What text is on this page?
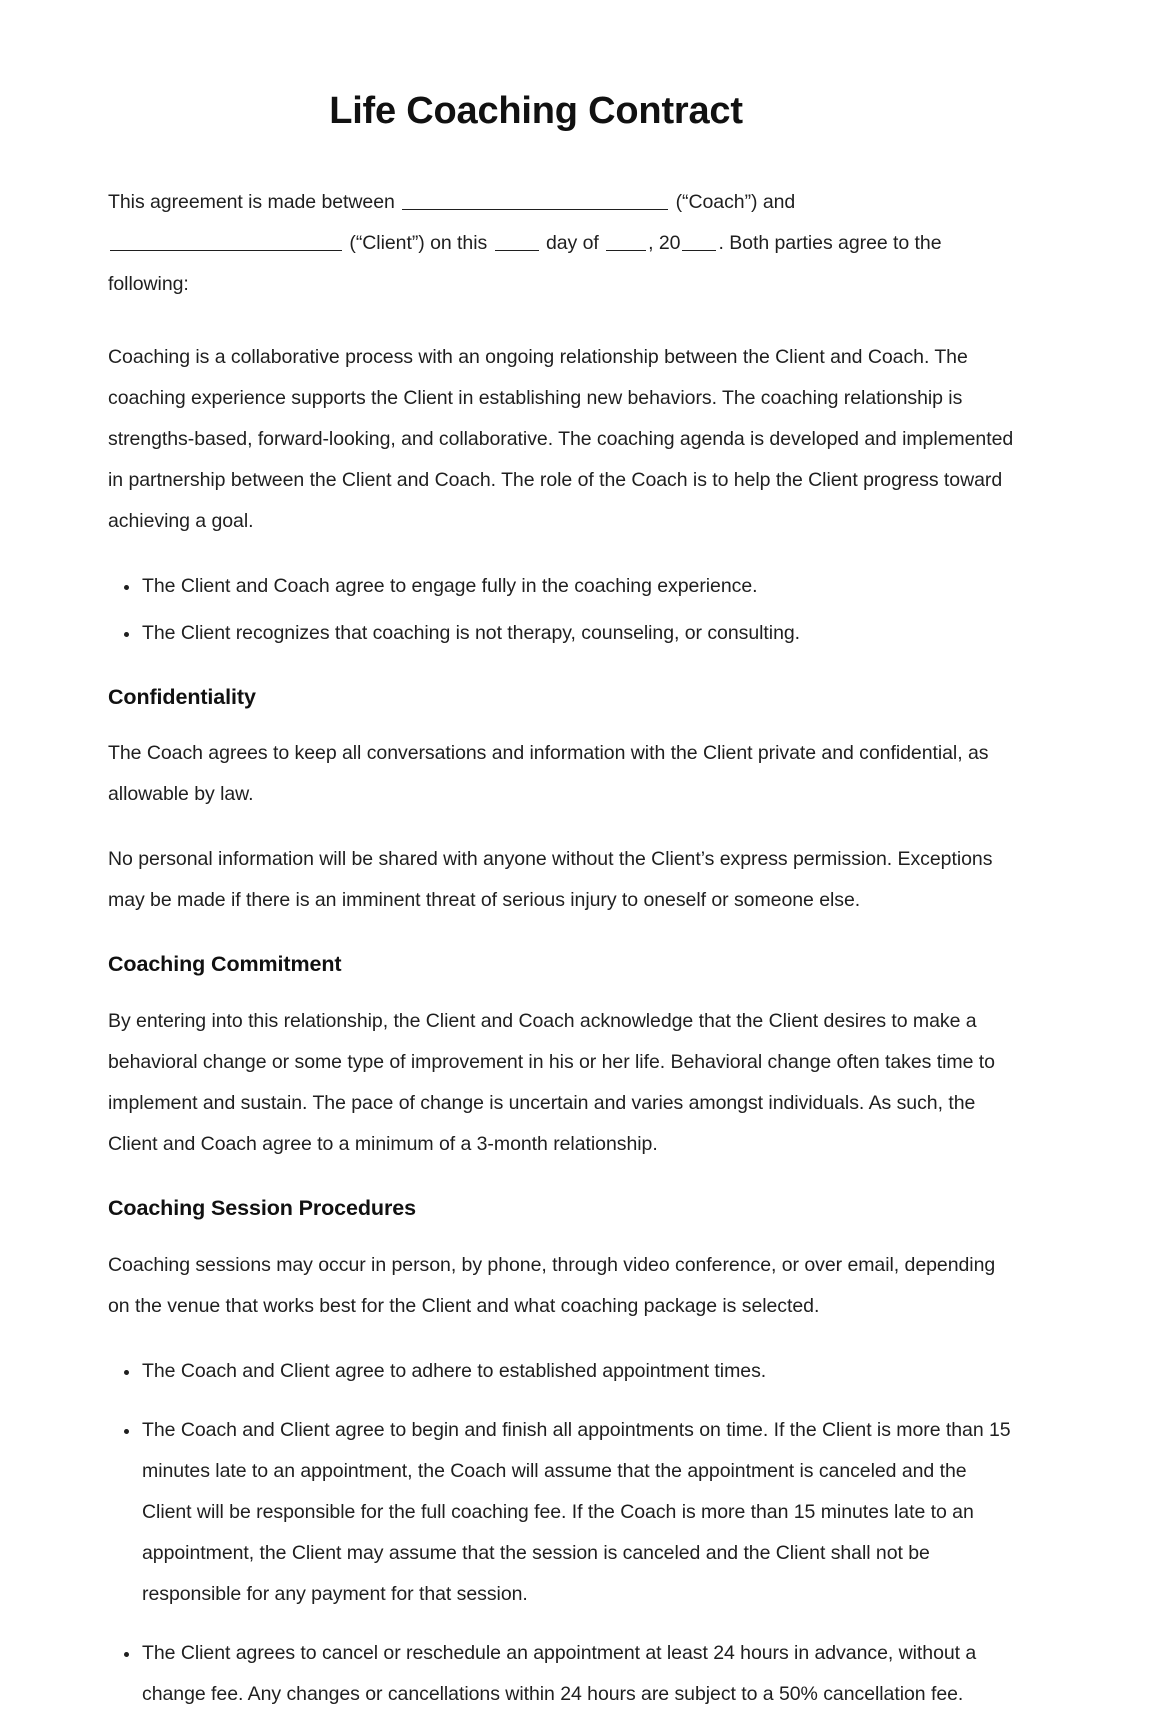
Life Coaching Contract

This agreement is made between	(“Coach”) and  (“Client”) on this	day of	, 20 . Both parties agree to the following:

Coaching is a collaborative process with an ongoing relationship between the Client and Coach. The coaching experience supports the Client in establishing new behaviors. The coaching relationship is strengths-based, forward-looking, and collaborative. The coaching agenda is developed and implemented in partnership between the Client and Coach. The role of the Coach is to help the Client progress toward achieving a goal.

The Client and Coach agree to engage fully in the coaching experience.
The Client recognizes that coaching is not therapy, counseling, or consulting.
Confidentiality

The Coach agrees to keep all conversations and information with the Client private and confidential, as allowable by law.

No personal information will be shared with anyone without the Client’s express permission. Exceptions may be made if there is an imminent threat of serious injury to oneself or someone else.

Coaching Commitment

By entering into this relationship, the Client and Coach acknowledge that the Client desires to make a behavioral change or some type of improvement in his or her life. Behavioral change often takes time to implement and sustain. The pace of change is uncertain and varies amongst individuals. As such, the Client and Coach agree to a minimum of a 3-month relationship.

Coaching Session Procedures

Coaching sessions may occur in person, by phone, through video conference, or over email, depending on the venue that works best for the Client and what coaching package is selected.

The Coach and Client agree to adhere to established appointment times.
The Coach and Client agree to begin and finish all appointments on time. If the Client is more than 15 minutes late to an appointment, the Coach will assume that the appointment is canceled and the Client will be responsible for the full coaching fee. If the Coach is more than 15 minutes late to an appointment, the Client may assume that the session is canceled and the Client shall not be responsible for any payment for that session.
The Client agrees to cancel or reschedule an appointment at least 24 hours in advance, without a change fee. Any changes or cancellations within 24 hours are subject to a 50% cancellation fee.
